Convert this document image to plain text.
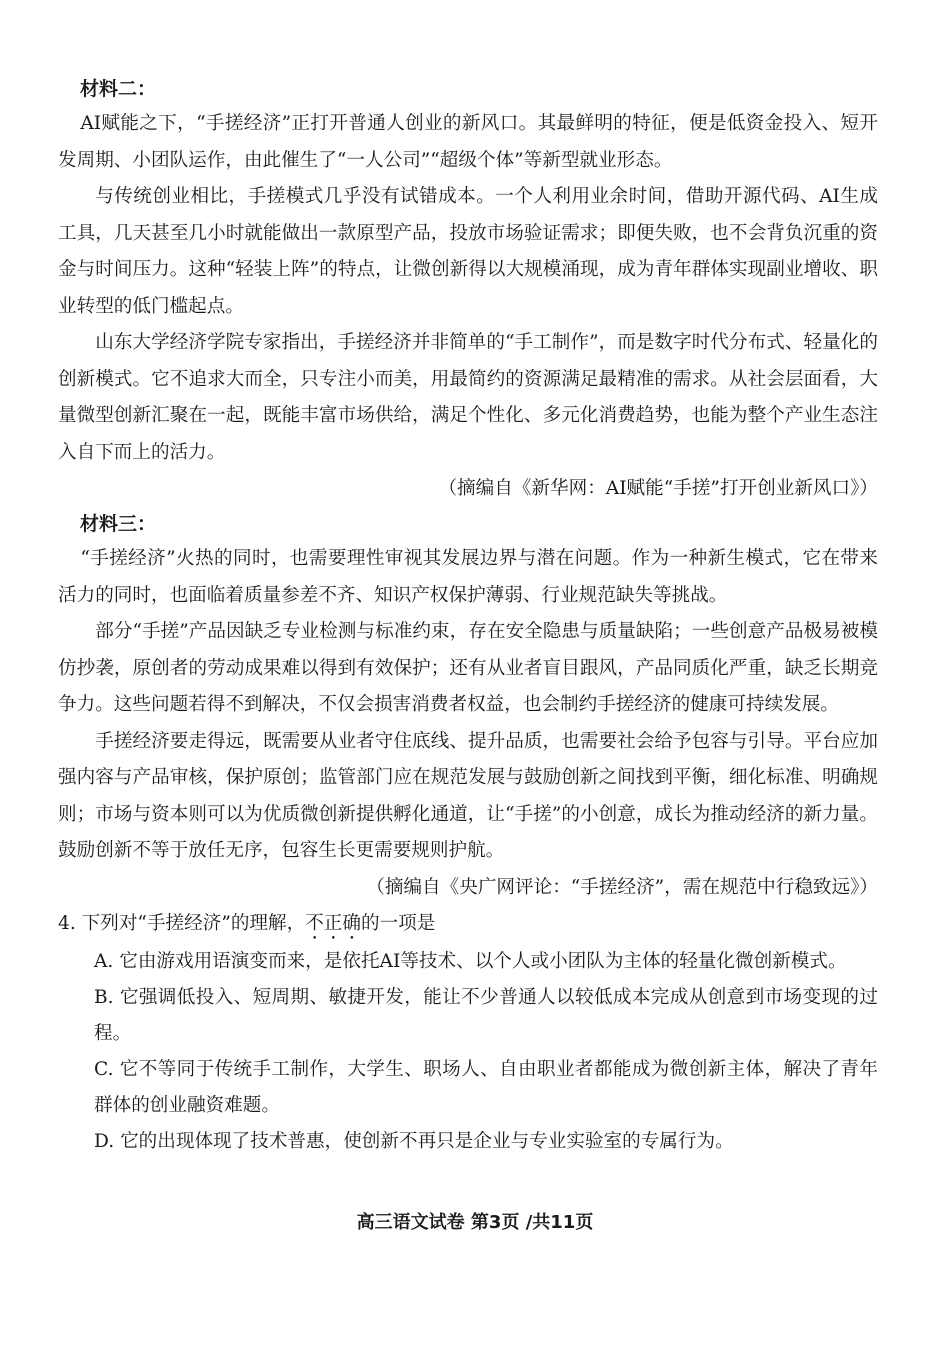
材料二：

AI赋能之下，“手搓经济”正打开普通人创业的新风口。其最鲜明的特征，便是低资金投入、短开发周期、小团队运作，由此催生了“一人公司”“超级个体”等新型就业形态。

与传统创业相比，手搓模式几乎没有试错成本。一个人利用业余时间，借助开源代码、AI生成工具，几天甚至几小时就能做出一款原型产品，投放市场验证需求；即便失败，也不会背负沉重的资金与时间压力。这种“轻装上阵”的特点，让微创新得以大规模涌现，成为青年群体实现副业增收、职业转型的低门槛起点。

山东大学经济学院专家指出，手搓经济并非简单的“手工制作”，而是数字时代分布式、轻量化的创新模式。它不追求大而全，只专注小而美，用最简约的资源满足最精准的需求。从社会层面看，大量微型创新汇聚在一起，既能丰富市场供给，满足个性化、多元化消费趋势，也能为整个产业生态注入自下而上的活力。

（摘编自《新华网：AI赋能“手搓”打开创业新风口》）

材料三：

“手搓经济”火热的同时，也需要理性审视其发展边界与潜在问题。作为一种新生模式，它在带来活力的同时，也面临着质量参差不齐、知识产权保护薄弱、行业规范缺失等挑战。

部分“手搓”产品因缺乏专业检测与标准约束，存在安全隐患与质量缺陷；一些创意产品极易被模仿抄袭，原创者的劳动成果难以得到有效保护；还有从业者盲目跟风，产品同质化严重，缺乏长期竞争力。这些问题若得不到解决，不仅会损害消费者权益，也会制约手搓经济的健康可持续发展。

手搓经济要走得远，既需要从业者守住底线、提升品质，也需要社会给予包容与引导。平台应加强内容与产品审核，保护原创；监管部门应在规范发展与鼓励创新之间找到平衡，细化标准、明确规则；市场与资本则可以为优质微创新提供孵化通道，让“手搓”的小创意，成长为推动经济的新力量。鼓励创新不等于放任无序，包容生长更需要规则护航。

（摘编自《央广网评论：“手搓经济”，需在规范中行稳致远》）

4. 下列对“手搓经济”的理解，不正确的一项是

A. 它由游戏用语演变而来，是依托AI等技术、以个人或小团队为主体的轻量化微创新模式。

B. 它强调低投入、短周期、敏捷开发，能让不少普通人以较低成本完成从创意到市场变现的过程。

C. 它不等同于传统手工制作，大学生、职场人、自由职业者都能成为微创新主体，解决了青年群体的创业融资难题。

D. 它的出现体现了技术普惠，使创新不再只是企业与专业实验室的专属行为。

高三语文试卷 第3页 /共11页
